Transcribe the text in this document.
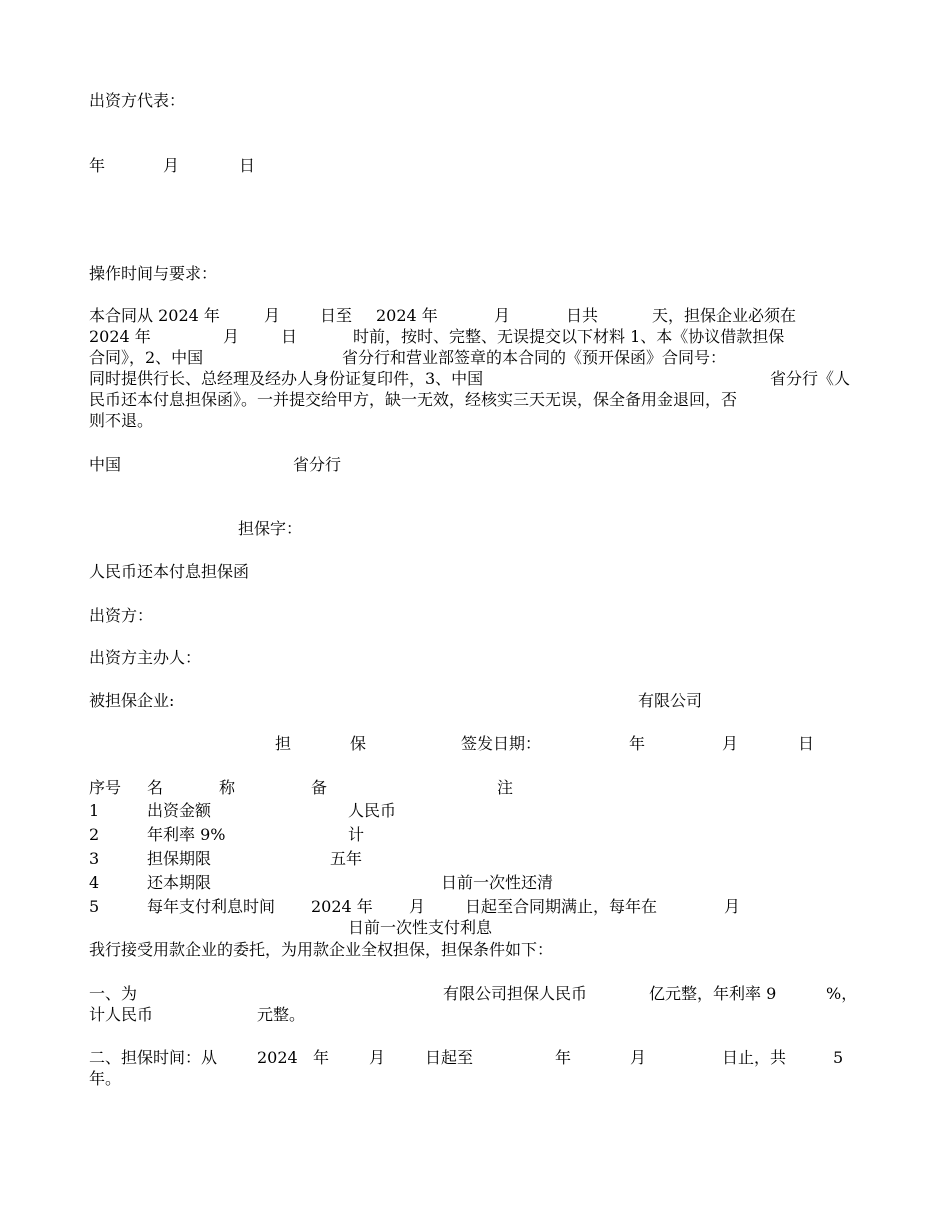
出资方代表：
年	月	日
操作时间与要求：
本合同从 2024 年	月 日至 2024 年	月	日共	天，担保企业必须在
2024 年	月	日	时前，按时、完整、无误提交以下材料 1、本《协议借款担保
合同》，2、中国	省分行和营业部签章的本合同的《预开保函》合同号：
同时提供行长、总经理及经办人身份证复印件，3、中国	省分行《人
民币还本付息担保函》。一并提交给甲方，缺一无效，经核实三天无误，保全备用金退回，否
则不退。
中国	省分行
担保字：
人民币还本付息担保函
出资方：
出资方主办人：
被担保企业:	有限公司
担	保	签发日期：	年	月	日
序号 名	称	备	注
1	出资金额	人民币
2	年利率 9%	计
3	担保期限	五年
4	还本期限	日前一次性还清
5	每年支付利息时间 2024 年 月 日起至合同期满止，每年在	月
日前一次性支付利息
我行接受用款企业的委托，为用款企业全权担保，担保条件如下：
一、为	有限公司担保人民币	亿元整，年利率 9	%，
计人民币	元整。
二、担保时间：从 2024 年 月 日起至	年	月	日止，共	5
年。
